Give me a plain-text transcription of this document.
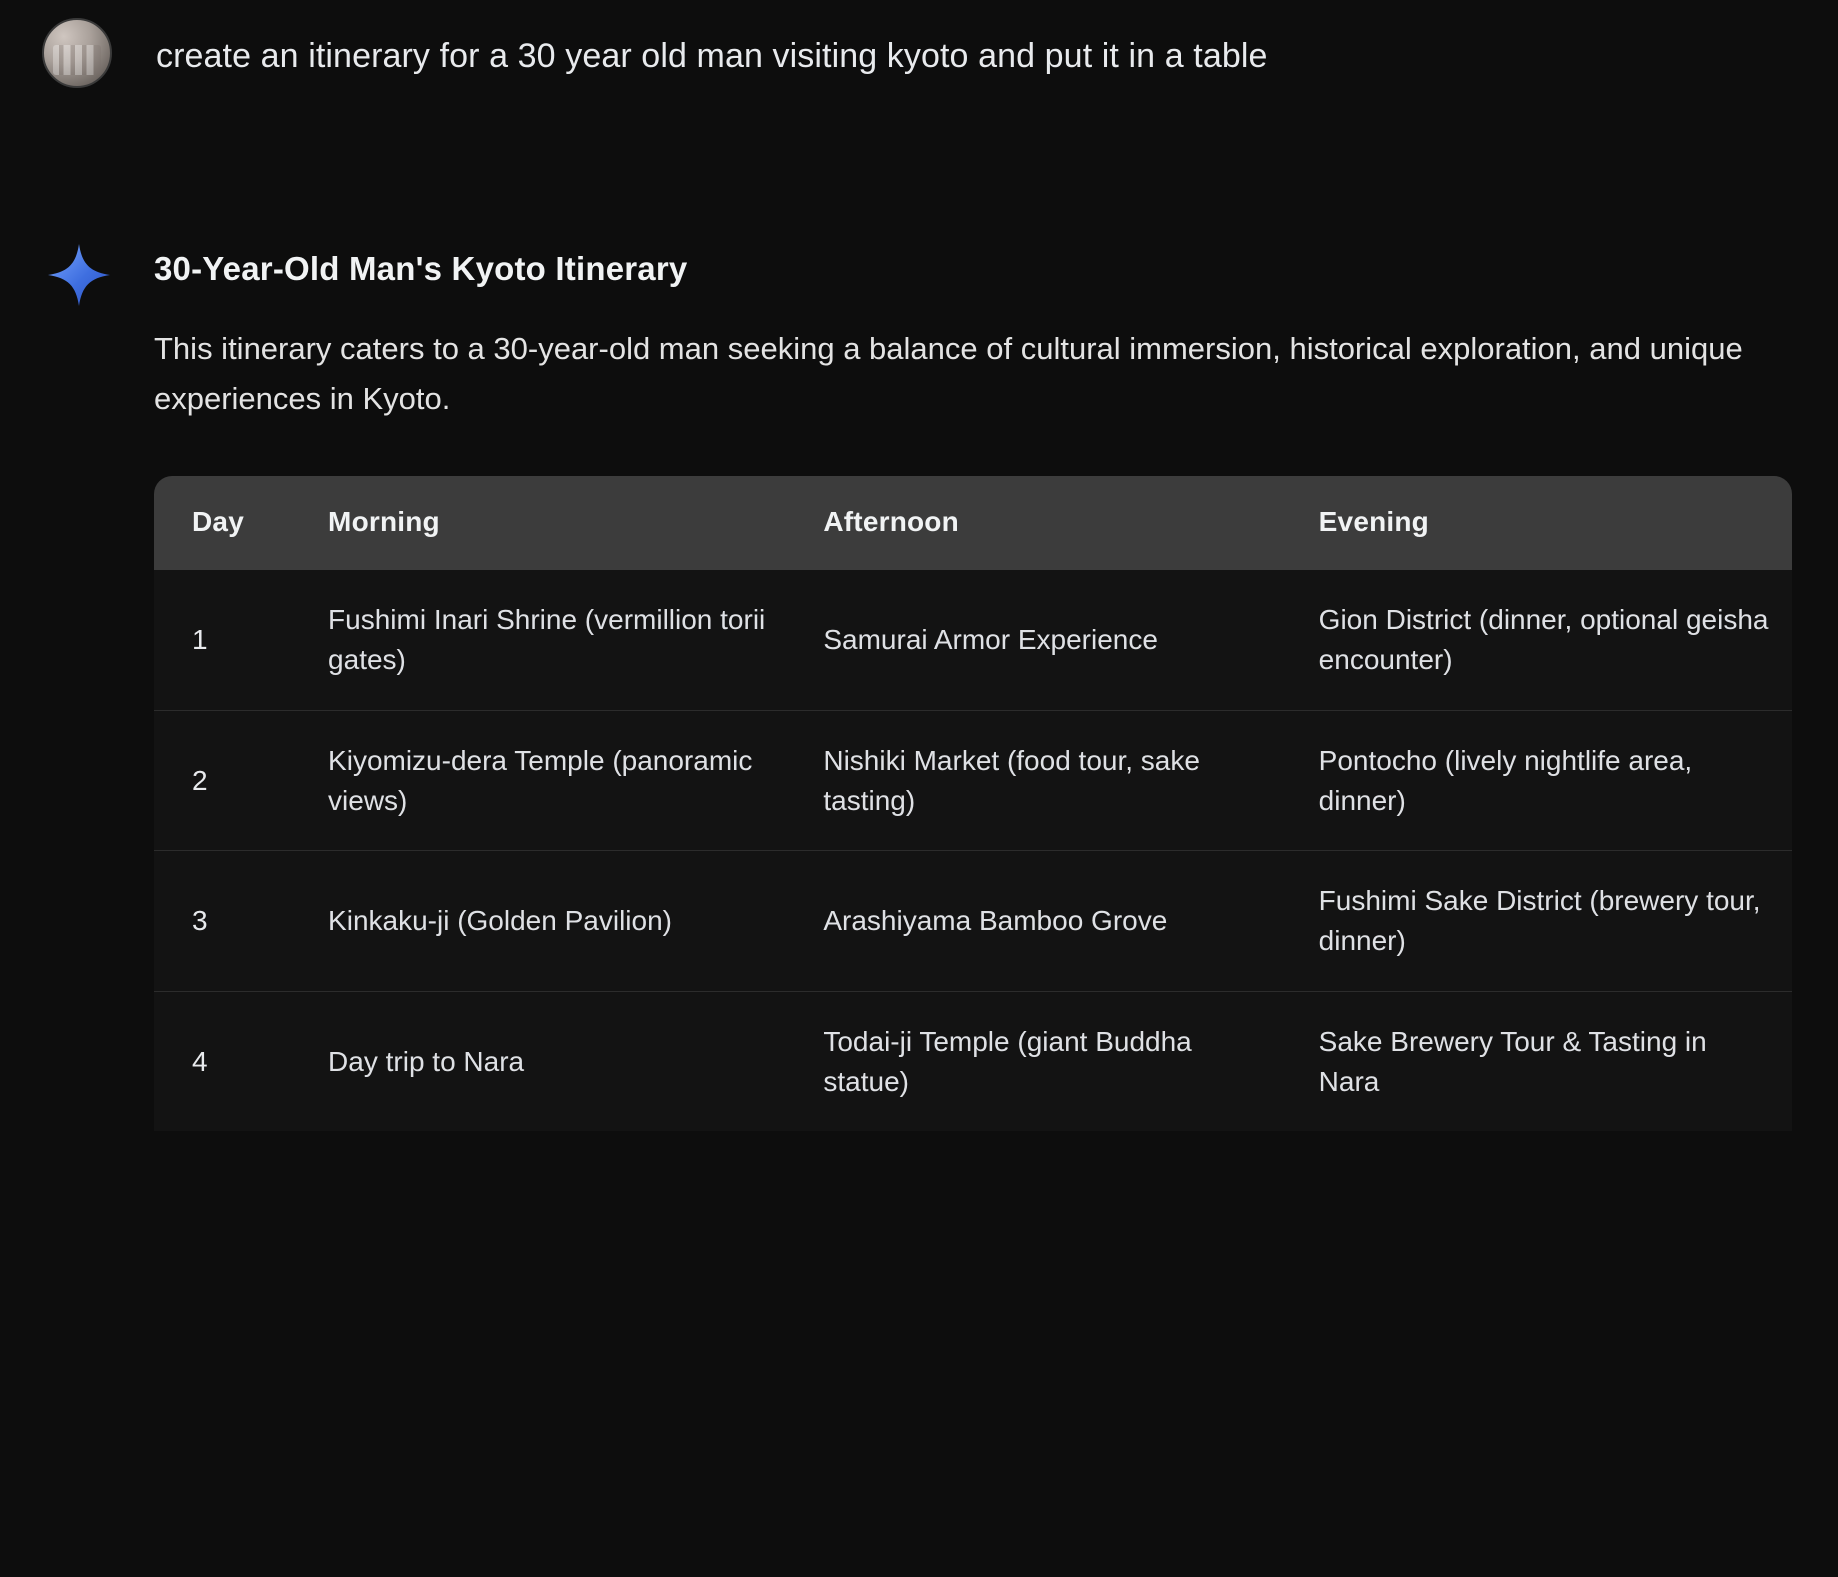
create an itinerary for a 30 year old man visiting kyoto and put it in a table
30-Year-Old Man's Kyoto Itinerary

This itinerary caters to a 30-year-old man seeking a balance of cultural immersion, historical exploration, and unique experiences in Kyoto.

Day	Morning	Afternoon	Evening
1	Fushimi Inari Shrine (vermillion torii gates)	Samurai Armor Experience	Gion District (dinner, optional geisha encounter)
2	Kiyomizu-dera Temple (panoramic views)	Nishiki Market (food tour, sake tasting)	Pontocho (lively nightlife area, dinner)
3	Kinkaku-ji (Golden Pavilion)	Arashiyama Bamboo Grove	Fushimi Sake District (brewery tour, dinner)
4	Day trip to Nara	Todai-ji Temple (giant Buddha statue)	Sake Brewery Tour & Tasting in Nara
